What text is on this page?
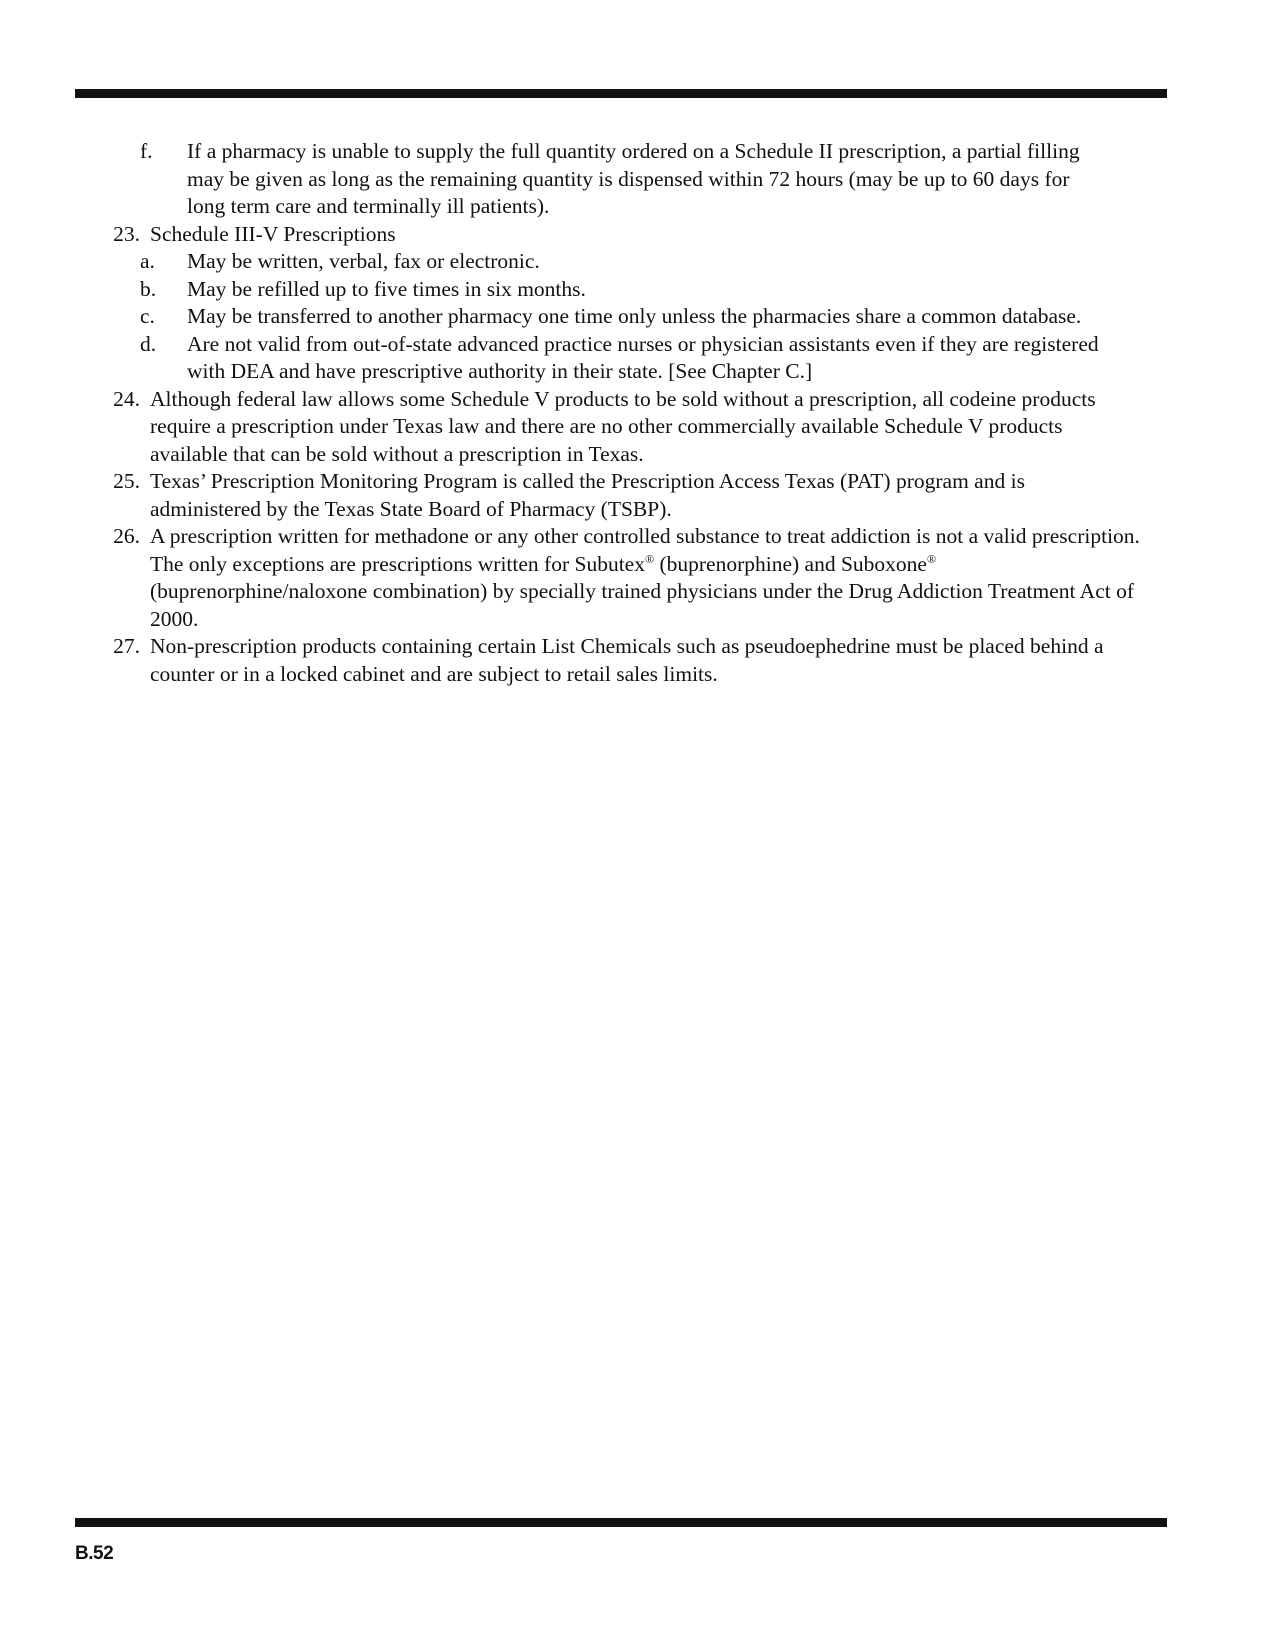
f.	If a pharmacy is unable to supply the full quantity ordered on a Schedule II prescription, a partial filling may be given as long as the remaining quantity is dispensed within 72 hours (may be up to 60 days for long term care and terminally ill patients).
23. Schedule III-V Prescriptions
a.	May be written, verbal, fax or electronic.
b. May be refilled up to five times in six months.
c.	May be transferred to another pharmacy one time only unless the pharmacies share a common database.
d. Are not valid from out-of-state advanced practice nurses or physician assistants even if they are registered with DEA and have prescriptive authority in their state. [See Chapter C.]
24. Although federal law allows some Schedule V products to be sold without a prescription, all codeine products require a prescription under Texas law and there are no other commercially available Schedule V products available that can be sold without a prescription in Texas.
25. Texas’ Prescription Monitoring Program is called the Prescription Access Texas (PAT) program and is administered by the Texas State Board of Pharmacy (TSBP).
26. A prescription written for methadone or any other controlled substance to treat addiction is not a valid prescription. The only exceptions are prescriptions written for Subutex® (buprenorphine) and Suboxone® (buprenorphine/naloxone combination) by specially trained physicians under the Drug Addiction Treatment Act of 2000.
27. Non-prescription products containing certain List Chemicals such as pseudoephedrine must be placed behind a counter or in a locked cabinet and are subject to retail sales limits.
B.52
